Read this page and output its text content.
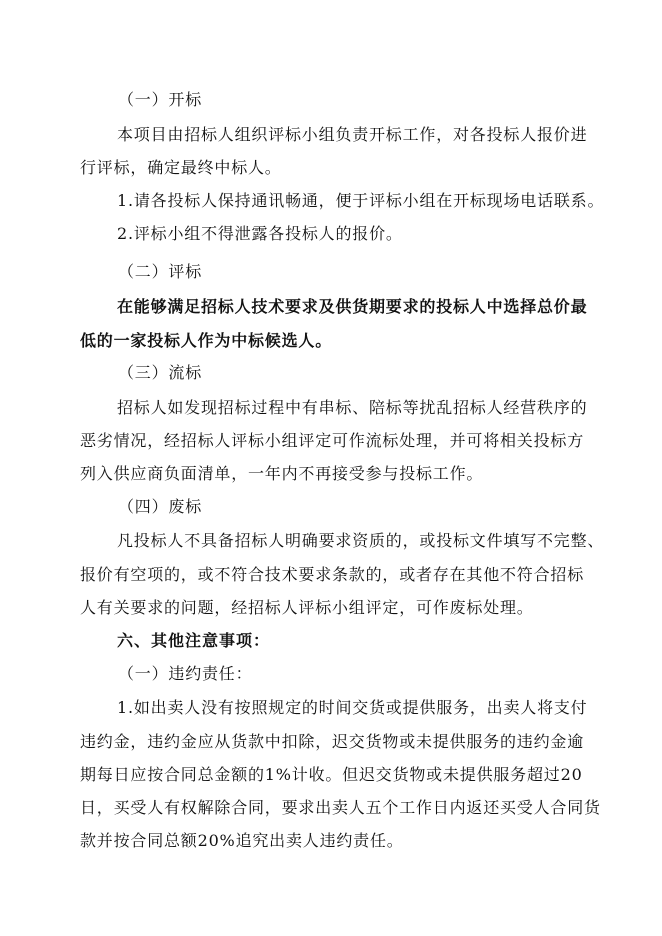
（一）开标
本项目由招标人组织评标小组负责开标工作，对各投标人报价进
行评标，确定最终中标人。
1.请各投标人保持通讯畅通，便于评标小组在开标现场电话联系。
2.评标小组不得泄露各投标人的报价。
（二）评标
在能够满足招标人技术要求及供货期要求的投标人中选择总价最
低的一家投标人作为中标候选人。
（三）流标
招标人如发现招标过程中有串标、陪标等扰乱招标人经营秩序的
恶劣情况，经招标人评标小组评定可作流标处理，并可将相关投标方
列入供应商负面清单，一年内不再接受参与投标工作。
（四）废标
凡投标人不具备招标人明确要求资质的，或投标文件填写不完整、
报价有空项的，或不符合技术要求条款的，或者存在其他不符合招标
人有关要求的问题，经招标人评标小组评定，可作废标处理。
六、其他注意事项：
（一）违约责任：
1.如出卖人没有按照规定的时间交货或提供服务，出卖人将支付
违约金，违约金应从货款中扣除，迟交货物或未提供服务的违约金逾
期每日应按合同总金额的1%计收。但迟交货物或未提供服务超过20
日，买受人有权解除合同，要求出卖人五个工作日内返还买受人合同货
款并按合同总额20%追究出卖人违约责任。
